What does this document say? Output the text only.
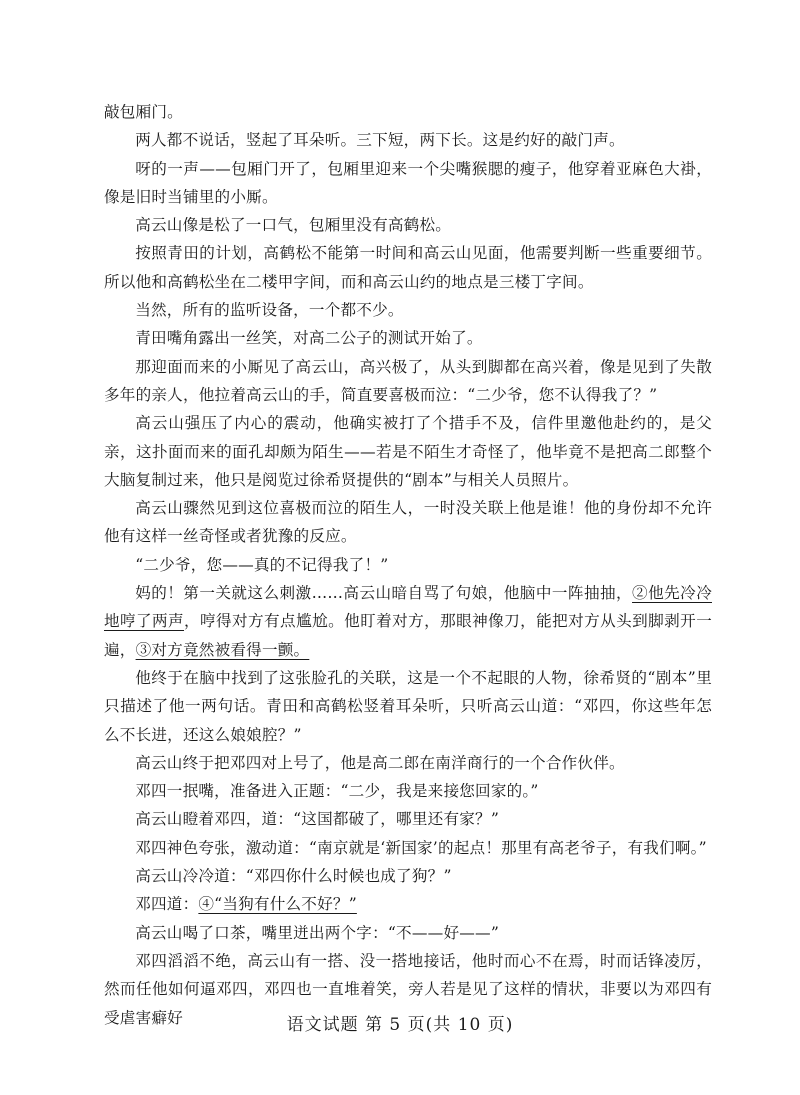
敲包厢门。

两人都不说话，竖起了耳朵听。三下短，两下长。这是约好的敲门声。

呀的一声——包厢门开了，包厢里迎来一个尖嘴猴腮的瘦子，他穿着亚麻色大褂，像是旧时当铺里的小厮。

高云山像是松了一口气，包厢里没有高鹤松。

按照青田的计划，高鹤松不能第一时间和高云山见面，他需要判断一些重要细节。所以他和高鹤松坐在二楼甲字间，而和高云山约的地点是三楼丁字间。

当然，所有的监听设备，一个都不少。

青田嘴角露出一丝笑，对高二公子的测试开始了。

那迎面而来的小厮见了高云山，高兴极了，从头到脚都在高兴着，像是见到了失散多年的亲人，他拉着高云山的手，简直要喜极而泣：“二少爷，您不认得我了？”

高云山强压了内心的震动，他确实被打了个措手不及，信件里邀他赴约的，是父亲，这扑面而来的面孔却颇为陌生——若是不陌生才奇怪了，他毕竟不是把高二郎整个大脑复制过来，他只是阅览过徐希贤提供的“剧本”与相关人员照片。

高云山骤然见到这位喜极而泣的陌生人，一时没关联上他是谁！他的身份却不允许他有这样一丝奇怪或者犹豫的反应。

“二少爷，您——真的不记得我了！”

妈的！第一关就这么刺激……高云山暗自骂了句娘，他脑中一阵抽抽，②他先冷冷地哼了两声，哼得对方有点尴尬。他盯着对方，那眼神像刀，能把对方从头到脚剥开一遍，③对方竟然被看得一颤。

他终于在脑中找到了这张脸孔的关联，这是一个不起眼的人物，徐希贤的“剧本”里只描述了他一两句话。青田和高鹤松竖着耳朵听，只听高云山道：“邓四，你这些年怎么不长进，还这么娘娘腔？”

高云山终于把邓四对上号了，他是高二郎在南洋商行的一个合作伙伴。

邓四一抿嘴，准备进入正题：“二少，我是来接您回家的。”

高云山瞪着邓四，道：“这国都破了，哪里还有家？”

邓四神色夸张，激动道：“南京就是‘新国家’的起点！那里有高老爷子，有我们啊。”

高云山冷冷道：“邓四你什么时候也成了狗？”

邓四道：④“当狗有什么不好？”

高云山喝了口茶，嘴里迸出两个字：“不——好——”

邓四滔滔不绝，高云山有一搭、没一搭地接话，他时而心不在焉，时而话锋凌厉，然而任他如何逼邓四，邓四也一直堆着笑，旁人若是见了这样的情状，非要以为邓四有受虐害癖好	语文试题 第 5 页(共 10 页)
